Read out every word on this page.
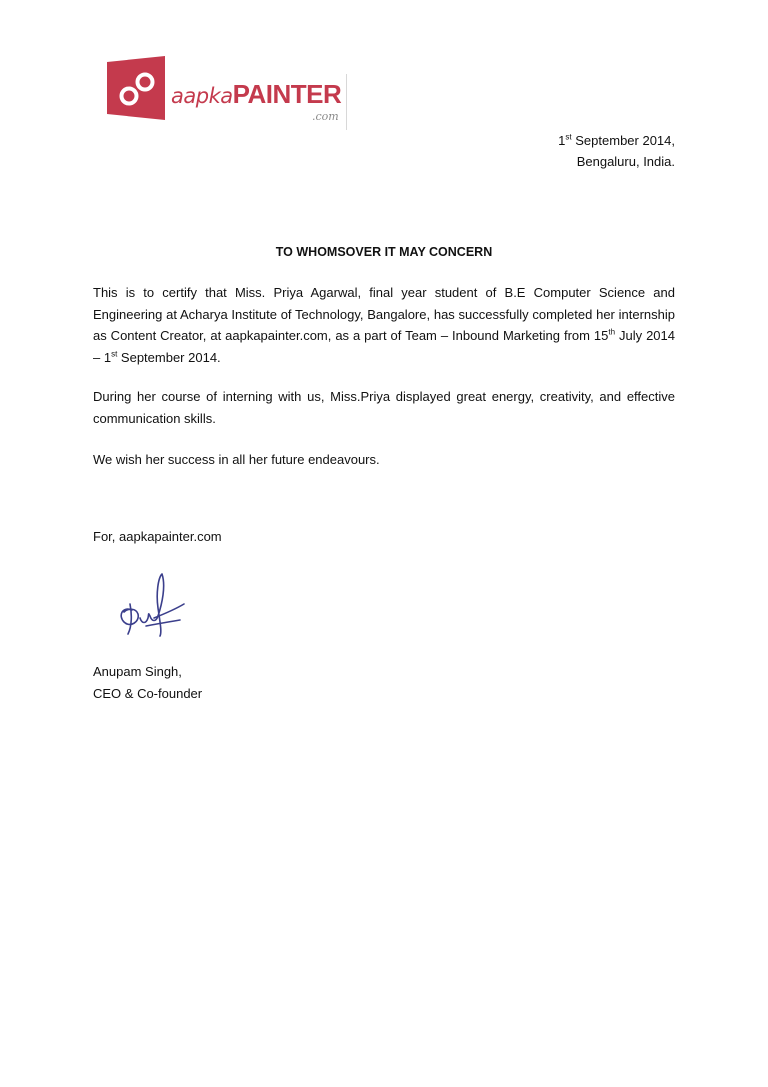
aapkaPAINTER
.com
1st September 2014,
Bengaluru, India.
TO WHOMSOVER IT MAY CONCERN

This is to certify that Miss. Priya Agarwal, final year student of B.E Computer Science and Engineering at Acharya Institute of Technology, Bangalore, has successfully completed her internship as Content Creator, at aapkapainter.com, as a part of Team – Inbound Marketing from 15th July 2014 – 1st September 2014.

During her course of interning with us, Miss.Priya displayed great energy, creativity, and effective communication skills.

We wish her success in all her future endeavours.

For, aapkapainter.com
Anupam Singh,
CEO & Co-founder
